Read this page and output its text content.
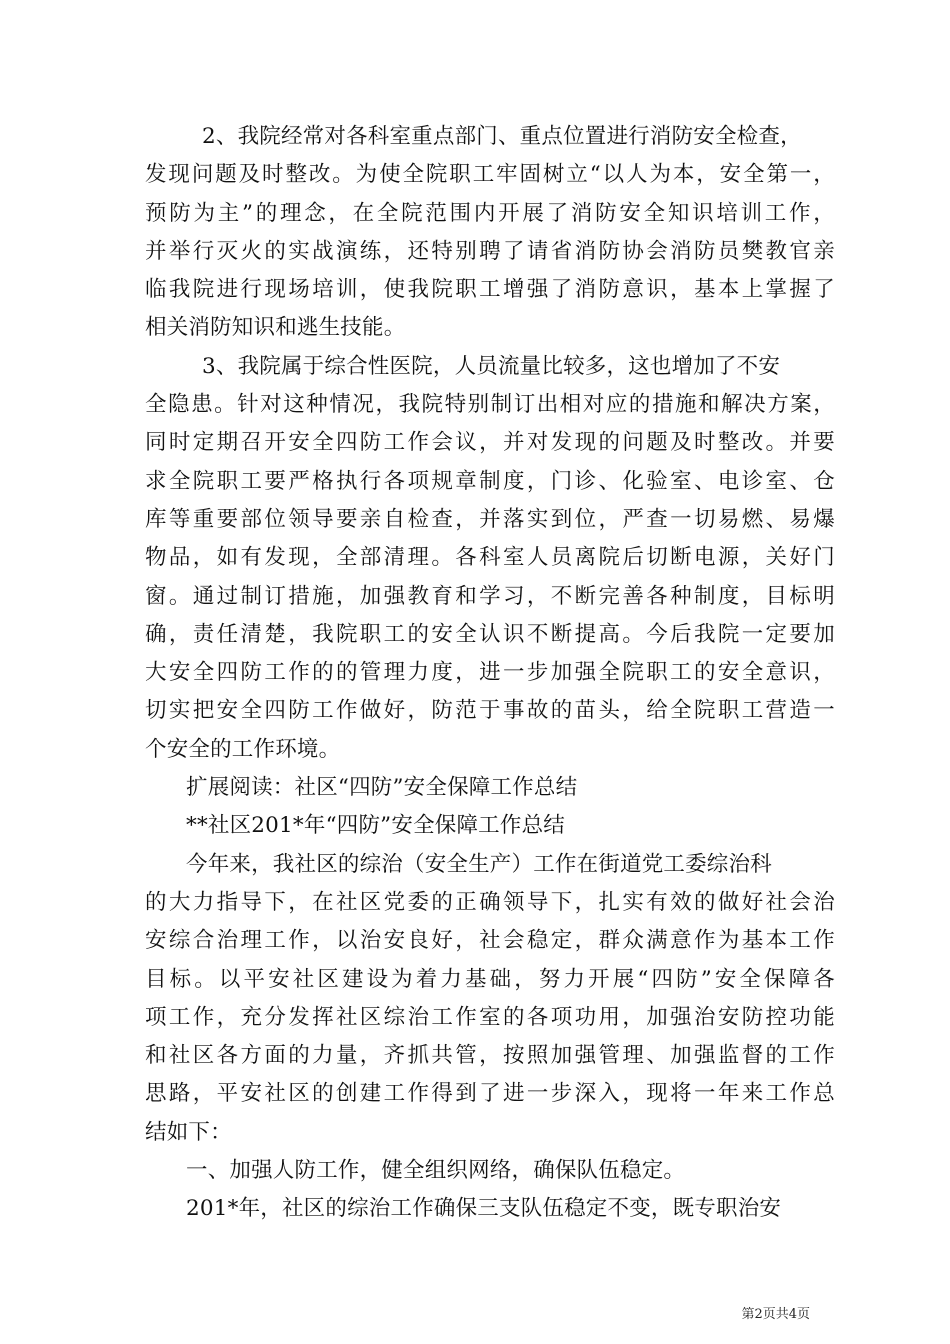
2、我院经常对各科室重点部门、重点位置进行消防安全检查，
发现问题及时整改。为使全院职工牢固树立“以人为本，安全第一，
预防为主”的理念，在全院范围内开展了消防安全知识培训工作，
并举行灭火的实战演练，还特别聘了请省消防协会消防员樊教官亲
临我院进行现场培训，使我院职工增强了消防意识，基本上掌握了
相关消防知识和逃生技能。
3、我院属于综合性医院，人员流量比较多，这也增加了不安
全隐患。针对这种情况，我院特别制订出相对应的措施和解决方案，
同时定期召开安全四防工作会议，并对发现的问题及时整改。并要
求全院职工要严格执行各项规章制度，门诊、化验室、电诊室、仓
库等重要部位领导要亲自检查，并落实到位，严查一切易燃、易爆
物品，如有发现，全部清理。各科室人员离院后切断电源，关好门
窗。通过制订措施，加强教育和学习，不断完善各种制度，目标明
确，责任清楚，我院职工的安全认识不断提高。今后我院一定要加
大安全四防工作的的管理力度，进一步加强全院职工的安全意识，
切实把安全四防工作做好，防范于事故的苗头，给全院职工营造一
个安全的工作环境。
扩展阅读：社区“四防”安全保障工作总结
**社区201*年“四防”安全保障工作总结
今年来，我社区的综治（安全生产）工作在街道党工委综治科
的大力指导下，在社区党委的正确领导下，扎实有效的做好社会治
安综合治理工作，以治安良好，社会稳定，群众满意作为基本工作
目标。以平安社区建设为着力基础，努力开展“四防”安全保障各
项工作，充分发挥社区综治工作室的各项功用，加强治安防控功能
和社区各方面的力量，齐抓共管，按照加强管理、加强监督的工作
思路，平安社区的创建工作得到了进一步深入，现将一年来工作总
结如下：
一、加强人防工作，健全组织网络，确保队伍稳定。
201*年，社区的综治工作确保三支队伍稳定不变，既专职治安
第2页共4页
